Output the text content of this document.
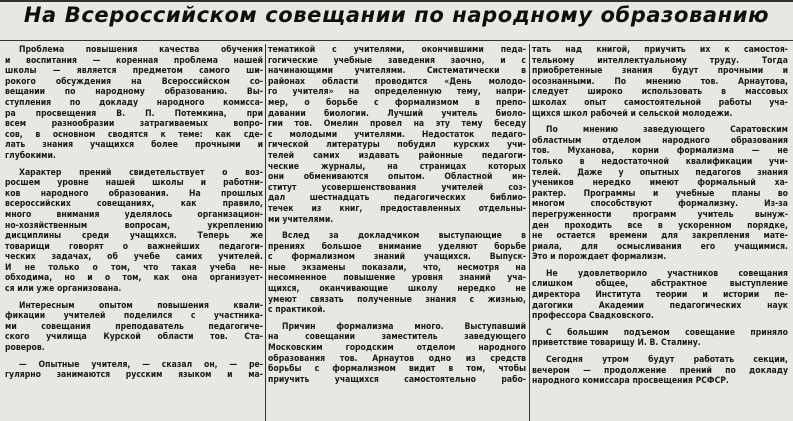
На Всероссийском совещании по народному образованию
Проблема повышения качества обучения
и воспитания — коренная проблема нашей
школы — является предметом самого ши-
рокого обсуждения на Всероссийском со-
вещании по народному образованию. Вы-
ступления по докладу народного комисса-
ра просвещения В. П. Потемкина, при
всем разнообразии затрагиваемых вопро-
сов, в основном сводятся к теме: как сде-
лать знания учащихся более прочными и
глубокими.
Характер прений свидетельствует о воз-
росшем уровне нашей школы и работни-
ков народного образования. На прошлых
всероссийских совещаниях, как правило,
много внимания уделялось организацион-
но-хозяйственным вопросам, укреплению
дисциплины среди учащихся. Теперь же
товарищи говорят о важнейших педагоги-
ческих задачах, об учебе самих учителей.
И не только о том, что такая учеба не-
обходима, но и о том, как она организует-
ся или уже организована.
Интересным опытом повышения квали-
фикации учителей поделился с участника-
ми совещания преподаватель педагогиче-
ского училища Курской области тов. Ста-
роверов.
— Опытные учителя, — сказал он, — ре-
гулярно занимаются русским языком и ма-
тематикой с учителями, окончившими педа-
гогические учебные заведения заочно, и с
начинающими учителями. Систематически в
районах области проводится «День молодо-
го учителя» на определенную тему, напри-
мер, о борьбе с формализмом в препо-
давании биологии. Лучший учитель биоло-
гии тов. Омелин провел на эту тему беседу
с молодыми учителями. Недостаток педаго-
гической литературы побудил курских учи-
телей самих издавать районные педагоги-
ческие журналы, на страницах которых
они обмениваются опытом. Областной ин-
ститут усовершенствования учителей соз-
дал шестнадцать педагогических библио-
течек из книг, предоставленных отдельны-
ми учителями.
Вслед за докладчиком выступающие в
прениях большое внимание уделяют борьбе
с формализмом знаний учащихся. Выпуск-
ные экзамены показали, что, несмотря на
несомненное повышение уровня знаний уча-
щихся, оканчивающие школу нередко не
умеют связать полученные знания с жизнью,
с практикой.
Причин формализма много. Выступавший
на совещании заместитель заведующего
Московским городским отделом народного
образования тов. Арнаутов одно из средств
борьбы с формализмом видит в том, чтобы
приучить учащихся самостоятельно рабо-
тать над книгой, приучить их к самостоя-
тельному интеллектуальному труду. Тогда
приобретенные знания будут прочными и
осознанными. По мнению тов. Арнаутова,
следует широко использовать в массовых
школах опыт самостоятельной работы уча-
щихся школ рабочей и сельской молодежи.
По мнению заведующего Саратовским
областным отделом народного образования
тов. Муханова, корни формализма — не
только в недостаточной квалификации учи-
телей. Даже у опытных педагогов знания
учеников нередко имеют формальный ха-
рактер. Программы и учебные планы во
многом способствуют формализму. Из-за
перегруженности программ учитель вынуж-
ден проходить все в ускоренном порядке,
не остается времени для закрепления мате-
риала, для осмысливания его учащимися.
Это и порождает формализм.
Не удовлетворило участников совещания
слишком общее, абстрактное выступление
директора Института теории и истории пе-
дагогики Академии педагогических наук
профессора Свадковского.
С большим подъемом совещание приняло
приветствие товарищу И. В. Сталину.
Сегодня утром будут работать секции,
вечером — продолжение прений по докладу
народного комиссара просвещения РСФСР.
